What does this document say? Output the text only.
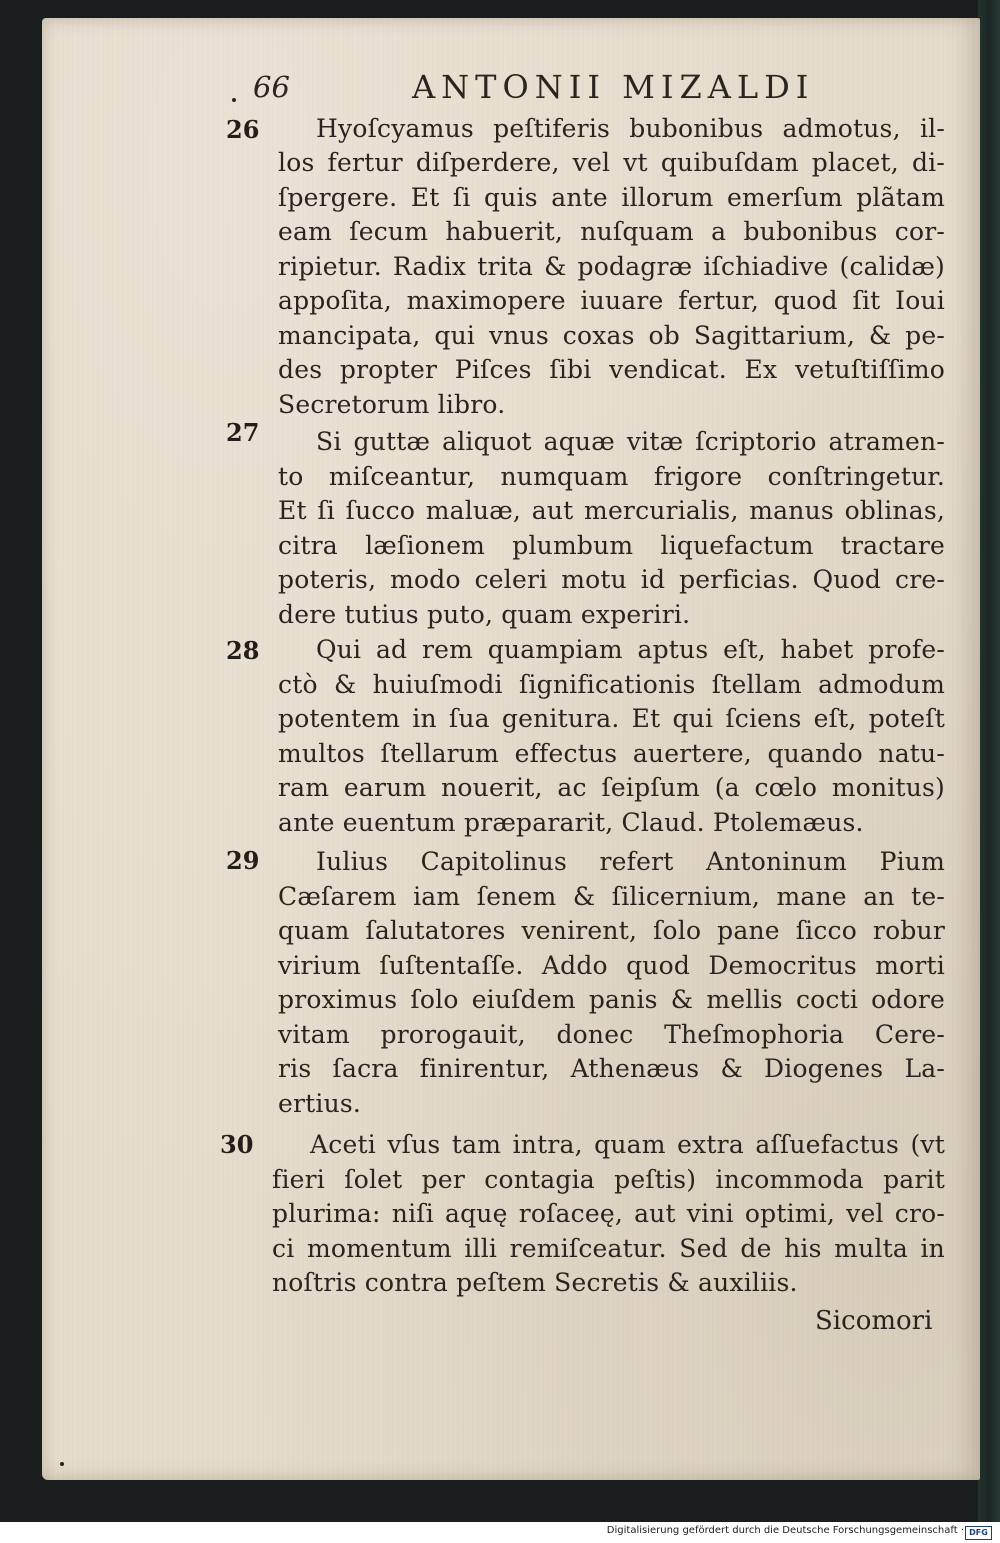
66	ANTONII MIZALDI
26	Hyoſcyamus peſtiferis bubonibus admotus, il-
los fertur diſperdere, vel vt quibuſdam placet, di-
ſpergere. Et ſi quis ante illorum emerſum plãtam
eam ſecum habuerit, nuſquam a bubonibus cor-
ripietur. Radix trita & podagræ iſchiadive (calidæ)
appoſita, maximopere iuuare fertur, quod ſit Ioui
mancipata, qui vnus coxas ob Sagittarium, & pe-
des propter Piſces ſibi vendicat. Ex vetuſtiſſimo
Secretorum libro.
27	Si guttæ aliquot aquæ vitæ ſcriptorio atramen-
to miſceantur, numquam frigore conſtringetur.
Et ſi ſucco maluæ, aut mercurialis, manus oblinas,
citra læſionem plumbum liquefactum tractare
poteris, modo celeri motu id perficias. Quod cre-
dere tutius puto, quam experiri.
28	Qui ad rem quampiam aptus eſt, habet profe-
ctò & huiuſmodi ſignificationis ſtellam admodum
potentem in ſua genitura. Et qui ſciens eſt, poteſt
multos ſtellarum effectus auertere, quando natu-
ram earum nouerit, ac ſeipſum (a cœlo monitus)
ante euentum præpararit, Claud. Ptolemæus.
29	Iulius Capitolinus refert Antoninum Pium
Cæſarem iam ſenem & ſilicernium, mane an te-
quam ſalutatores venirent, ſolo pane ſicco robur
virium ſuſtentaſſe. Addo quod Democritus morti
proximus ſolo eiuſdem panis & mellis cocti odore
vitam prorogauit, donec Theſmophoria Cere-
ris ſacra finirentur, Athenæus & Diogenes La-
ertius.
30	Aceti vſus tam intra, quam extra aſſuefactus (vt
fieri ſolet per contagia peſtis) incommoda parit
plurima: niſi aquę roſaceę, aut vini optimi, vel cro-
ci momentum illi remiſceatur. Sed de his multa in
noſtris contra peſtem Secretis & auxiliis.
Sicomori
Digitalisierung gefördert durch die Deutsche Forschungsgemeinschaft · DFG
